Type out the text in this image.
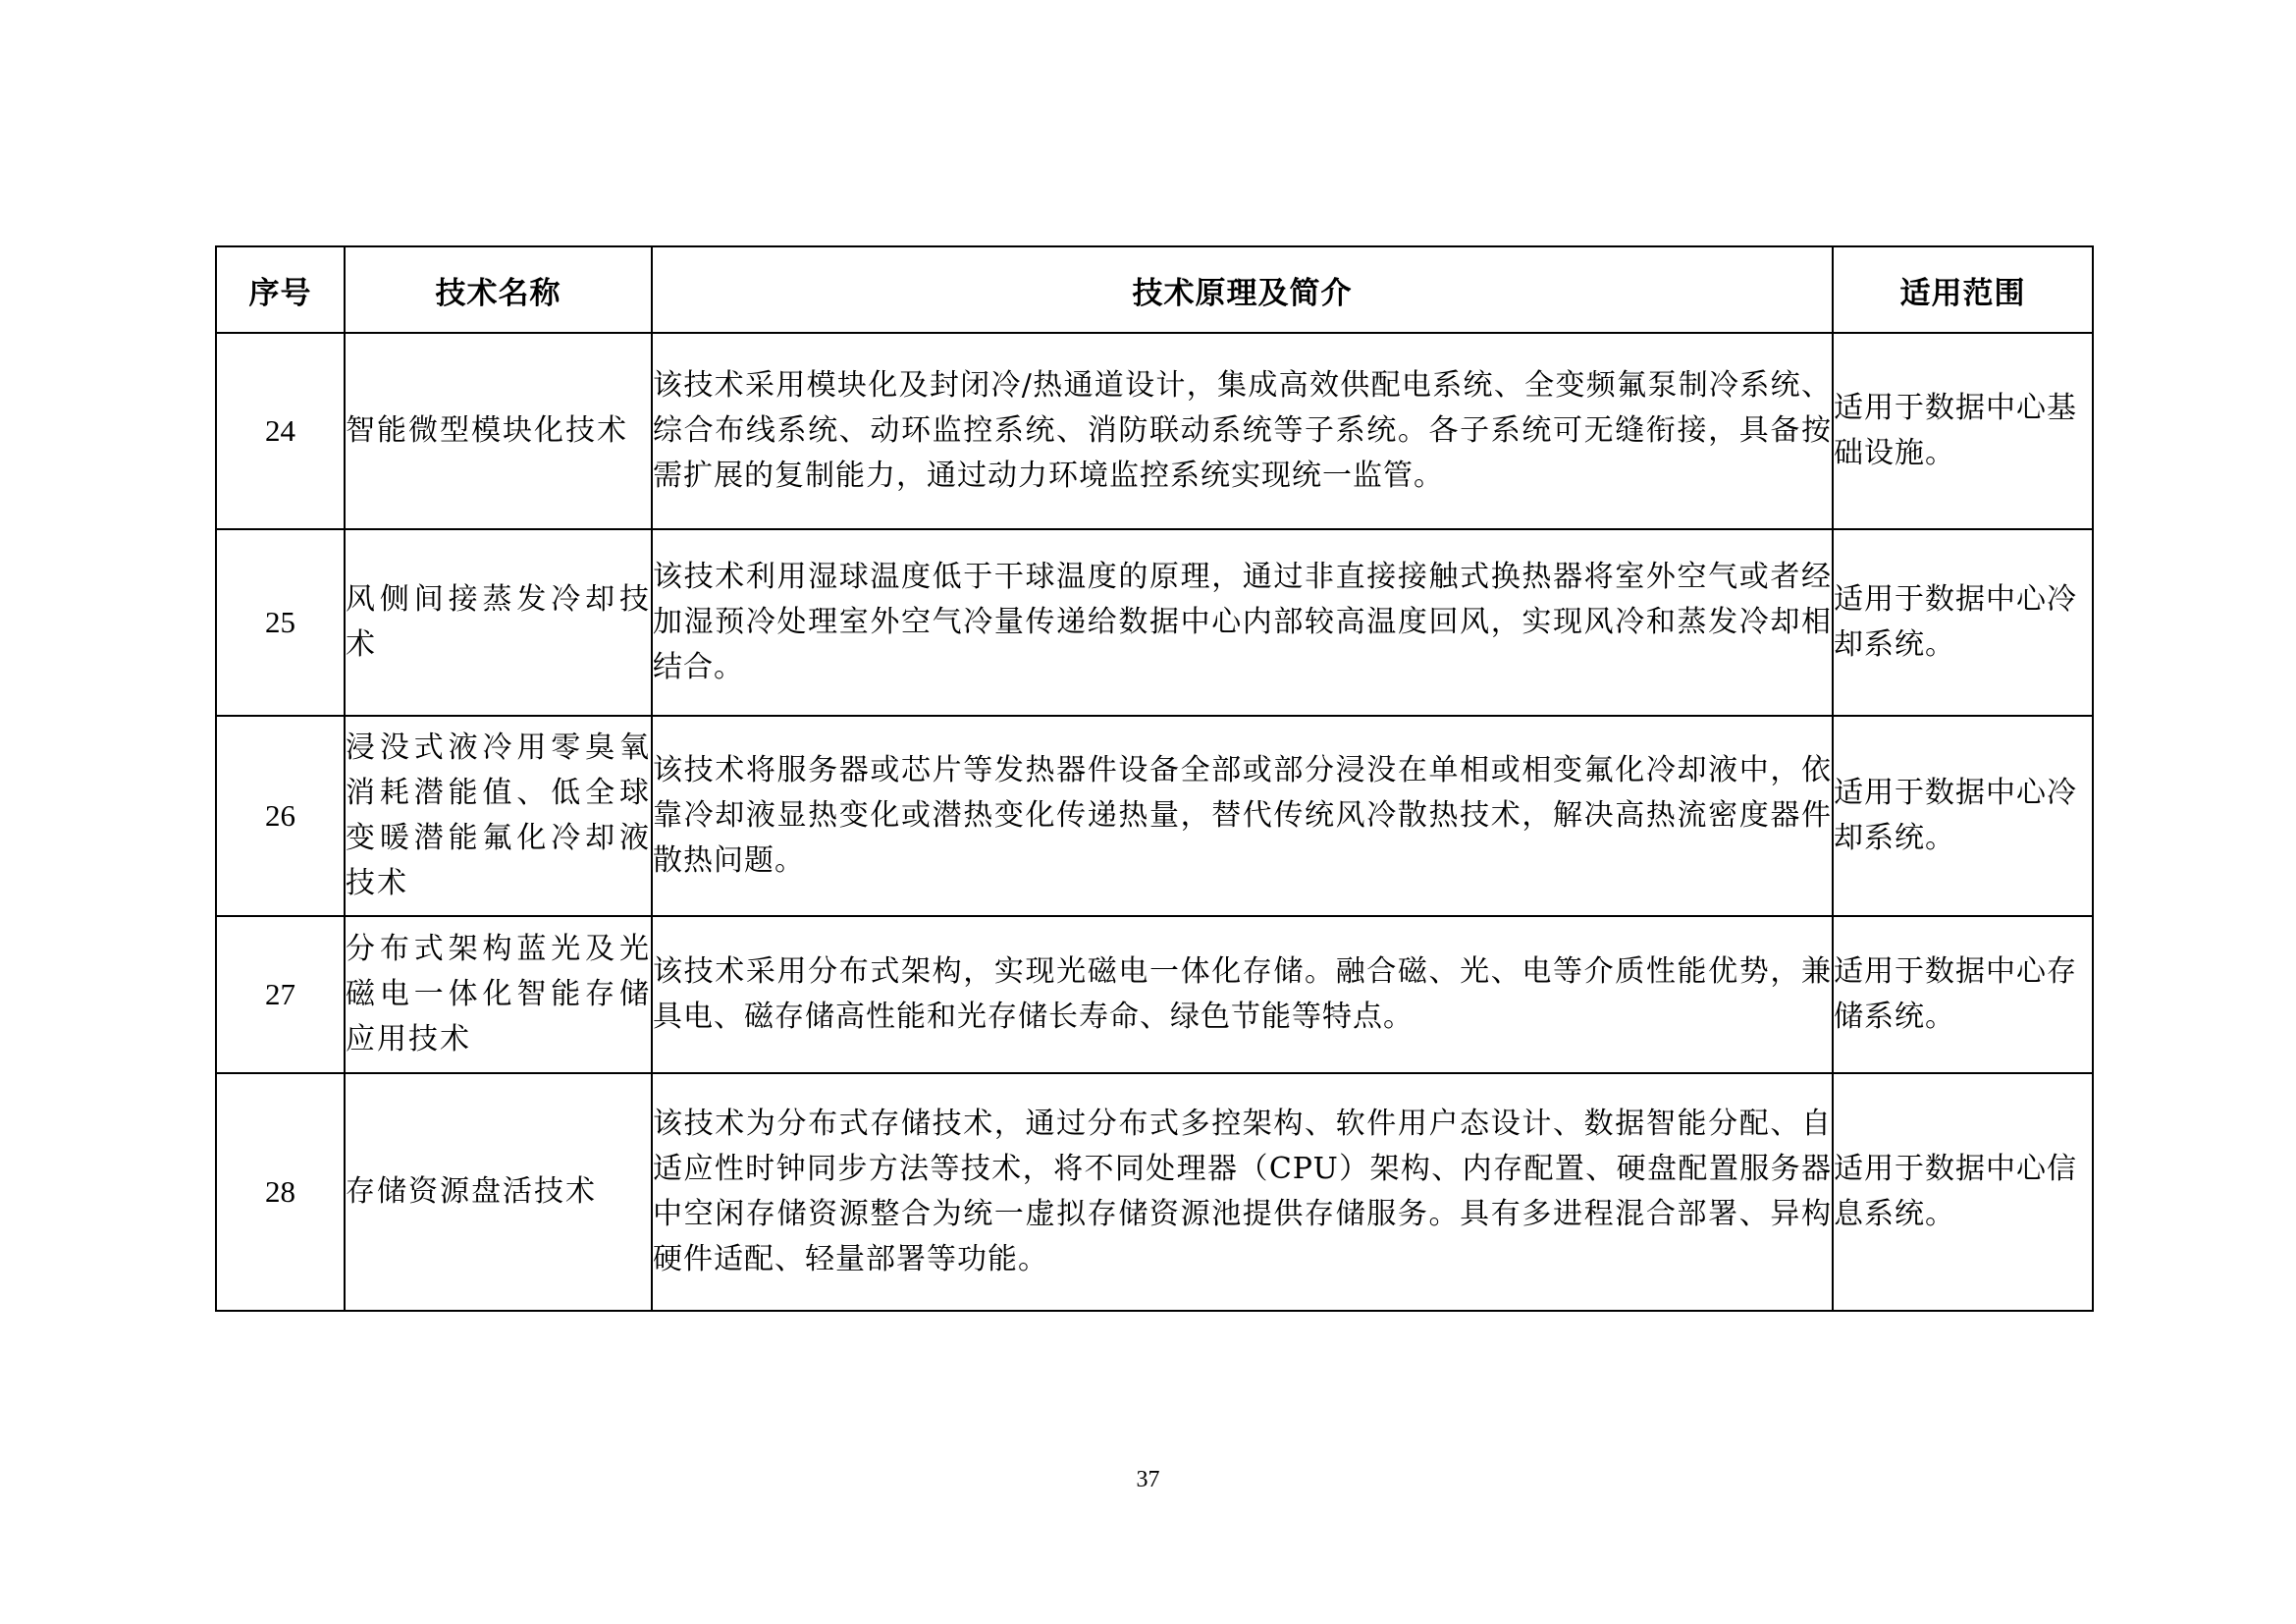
序号	技术名称	技术原理及简介	适用范围
24	智能微型模块化技术	该技术采用模块化及封闭冷/热通道设计，集成高效供配电系统、全变频氟泵制冷系统、综合布线系统、动环监控系统、消防联动系统等子系统。各子系统可无缝衔接，具备按需扩展的复制能力，通过动力环境监控系统实现统一监管。	适用于数据中心基础设施。
25	风侧间接蒸发冷却技术	该技术利用湿球温度低于干球温度的原理，通过非直接接触式换热器将室外空气或者经加湿预冷处理室外空气冷量传递给数据中心内部较高温度回风，实现风冷和蒸发冷却相结合。	适用于数据中心冷却系统。
26	浸没式液冷用零臭氧消耗潜能值、低全球变暖潜能氟化冷却液技术	该技术将服务器或芯片等发热器件设备全部或部分浸没在单相或相变氟化冷却液中，依靠冷却液显热变化或潜热变化传递热量，替代传统风冷散热技术，解决高热流密度器件散热问题。	适用于数据中心冷却系统。
27	分布式架构蓝光及光磁电一体化智能存储应用技术	该技术采用分布式架构，实现光磁电一体化存储。融合磁、光、电等介质性能优势，兼具电、磁存储高性能和光存储长寿命、绿色节能等特点。	适用于数据中心存储系统。
28	存储资源盘活技术	该技术为分布式存储技术，通过分布式多控架构、软件用户态设计、数据智能分配、自适应性时钟同步方法等技术，将不同处理器（CPU）架构、内存配置、硬盘配置服务器中空闲存储资源整合为统一虚拟存储资源池提供存储服务。具有多进程混合部署、异构硬件适配、轻量部署等功能。	适用于数据中心信息系统。
37
